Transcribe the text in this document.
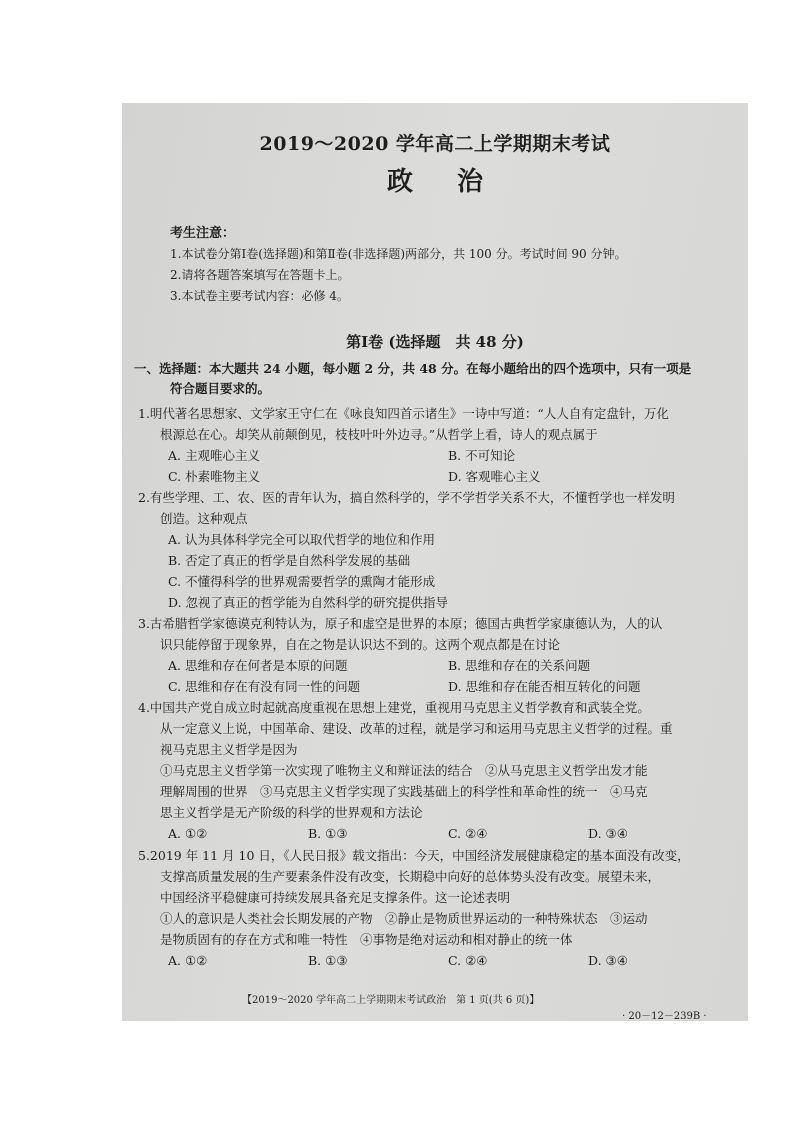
2019～2020 学年高二上学期期末考试
政治
考生注意：
1.本试卷分第Ⅰ卷(选择题)和第Ⅱ卷(非选择题)两部分，共 100 分。考试时间 90 分钟。
2.请将各题答案填写在答题卡上。
3.本试卷主要考试内容：必修 4。
第Ⅰ卷 (选择题　共 48 分)
一、选择题：本大题共 24 小题，每小题 2 分，共 48 分。在每小题给出的四个选项中，只有一项是
符合题目要求的。
1.明代著名思想家、文学家王守仁在《咏良知四首示诸生》一诗中写道：“人人自有定盘针，万化
根源总在心。却笑从前颠倒见，枝枝叶叶外边寻。”从哲学上看，诗人的观点属于
A. 主观唯心主义	B. 不可知论
C. 朴素唯物主义	D. 客观唯心主义
2.有些学理、工、农、医的青年认为，搞自然科学的，学不学哲学关系不大，不懂哲学也一样发明
创造。这种观点
A. 认为具体科学完全可以取代哲学的地位和作用
B. 否定了真正的哲学是自然科学发展的基础
C. 不懂得科学的世界观需要哲学的熏陶才能形成
D. 忽视了真正的哲学能为自然科学的研究提供指导
3.古希腊哲学家德谟克利特认为，原子和虚空是世界的本原；德国古典哲学家康德认为，人的认
识只能停留于现象界，自在之物是认识达不到的。这两个观点都是在讨论
A. 思维和存在何者是本原的问题	B. 思维和存在的关系问题
C. 思维和存在有没有同一性的问题	D. 思维和存在能否相互转化的问题
4.中国共产党自成立时起就高度重视在思想上建党，重视用马克思主义哲学教育和武装全党。
从一定意义上说，中国革命、建设、改革的过程，就是学习和运用马克思主义哲学的过程。重
视马克思主义哲学是因为
①马克思主义哲学第一次实现了唯物主义和辩证法的结合　②从马克思主义哲学出发才能
理解周围的世界　③马克思主义哲学实现了实践基础上的科学性和革命性的统一　④马克
思主义哲学是无产阶级的科学的世界观和方法论
A. ①②	B. ①③	C. ②④	D. ③④
5.2019 年 11 月 10 日，《人民日报》载文指出：今天，中国经济发展健康稳定的基本面没有改变，
支撑高质量发展的生产要素条件没有改变，长期稳中向好的总体势头没有改变。展望未来，
中国经济平稳健康可持续发展具备充足支撑条件。这一论述表明
①人的意识是人类社会长期发展的产物　②静止是物质世界运动的一种特殊状态　③运动
是物质固有的存在方式和唯一特性　④事物是绝对运动和相对静止的统一体
A. ①②	B. ①③	C. ②④	D. ③④
【2019～2020 学年高二上学期期末考试政治　第 1 页(共 6 页)】
· 20－12－239B ·
